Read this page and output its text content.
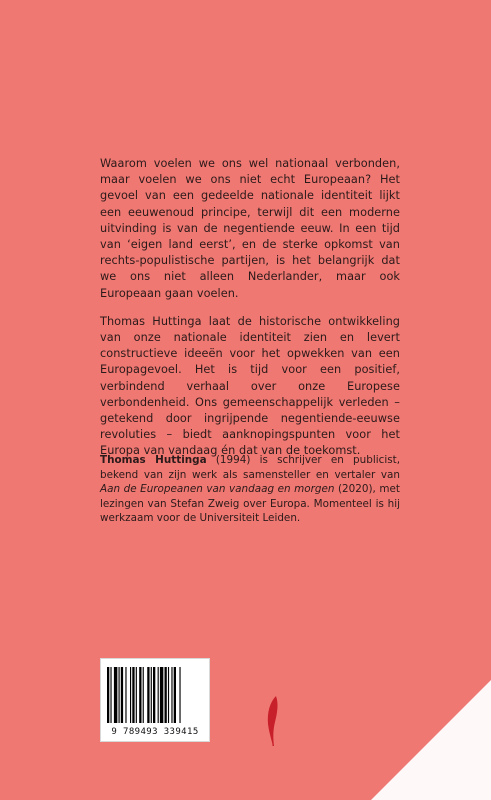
Waarom voelen we ons wel nationaal verbonden, maar voelen we ons niet echt Europeaan? Het gevoel van een gedeelde nationale identiteit lijkt een eeuwenoud principe, terwijl dit een moderne uitvinding is van de negentiende eeuw. In een tijd van ‘eigen land eerst’, en de sterke opkomst van rechts-populistische partijen, is het belangrijk dat we ons niet alleen Nederlander, maar ook Europeaan gaan voelen.

Thomas Huttinga laat de historische ontwikkeling van onze nationale identiteit zien en levert constructieve ideeën voor het opwekken van een Europagevoel. Het is tijd voor een positief, verbindend verhaal over onze Europese verbondenheid. Ons gemeenschappelijk verleden – getekend door ingrijpende negentiende-eeuwse revoluties – biedt aanknopingspunten voor het Europa van vandaag én dat van de toekomst.

Thomas Huttinga (1994) is schrijver en publicist, bekend van zijn werk als samensteller en vertaler van Aan de Europeanen van vandaag en morgen (2020), met lezingen van Stefan Zweig over Europa. Momenteel is hij werkzaam voor de Universiteit Leiden.
9 789493 339415
